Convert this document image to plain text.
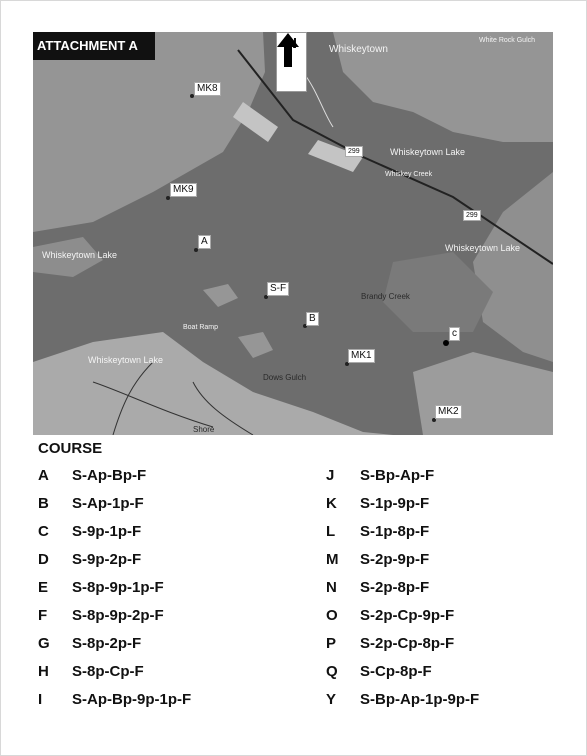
ATTACHMENT A	Whiskeytown
White Rock Gulch
299	Whiskeytown Lake
Whiskey Creek
299
Whiskeytown Lake
Whiskeytown Lake
Brandy Creek
Boat Ramp
Whiskeytown Lake
Dows Gulch
Shore
MK8
MK9
A
S-F
B
MK1
c
MK2
COURSE
A S-Ap-Bp-F
B S-Ap-1p-F
C S-9p-1p-F
D S-9p-2p-F
E S-8p-9p-1p-F
F S-8p-9p-2p-F
G S-8p-2p-F
H S-8p-Cp-F
I S-Ap-Bp-9p-1p-F
J S-Bp-Ap-F
K S-1p-9p-F
L S-1p-8p-F
M S-2p-9p-F
N S-2p-8p-F
O S-2p-Cp-9p-F
P S-2p-Cp-8p-F
Q S-Cp-8p-F
Y S-Bp-Ap-1p-9p-F
